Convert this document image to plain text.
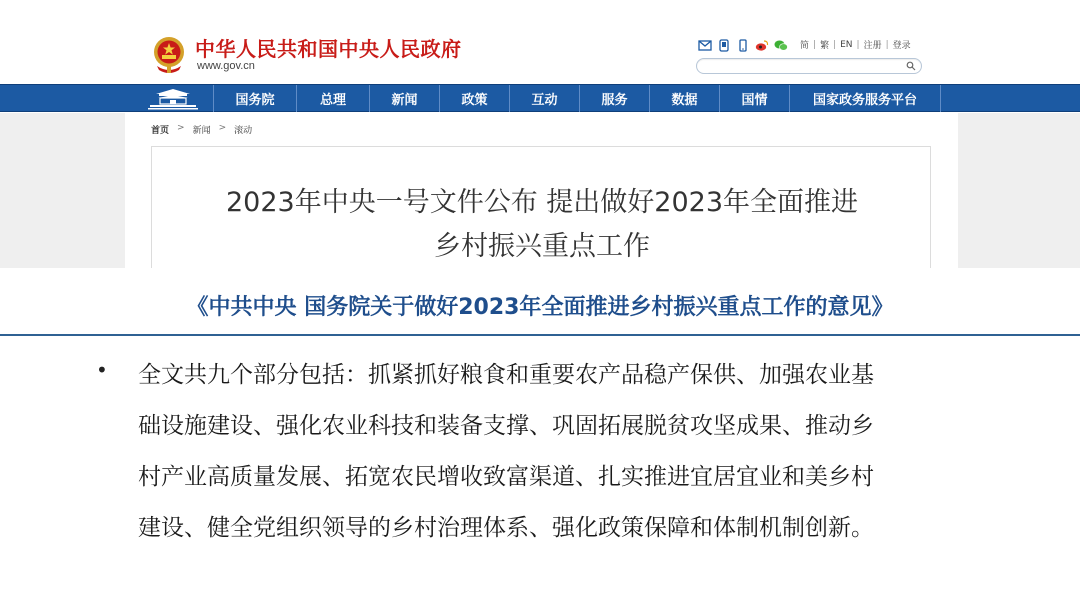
中华人民共和国中央人民政府
www.gov.cn
简 | 繁 | EN | 注册 | 登录
国务院	总理	新闻	政策	互动	服务	数据	国情	国家政务服务平台
首页 > 新闻 > 滚动
2023年中央一号文件公布 提出做好2023年全面推进
乡村振兴重点工作
《中共中央 国务院关于做好2023年全面推进乡村振兴重点工作的意见》
• 全文共九个部分包括：抓紧抓好粮食和重要农产品稳产保供、加强农业基
础设施建设、强化农业科技和装备支撑、巩固拓展脱贫攻坚成果、推动乡
村产业高质量发展、拓宽农民增收致富渠道、扎实推进宜居宜业和美乡村
建设、健全党组织领导的乡村治理体系、强化政策保障和体制机制创新。
